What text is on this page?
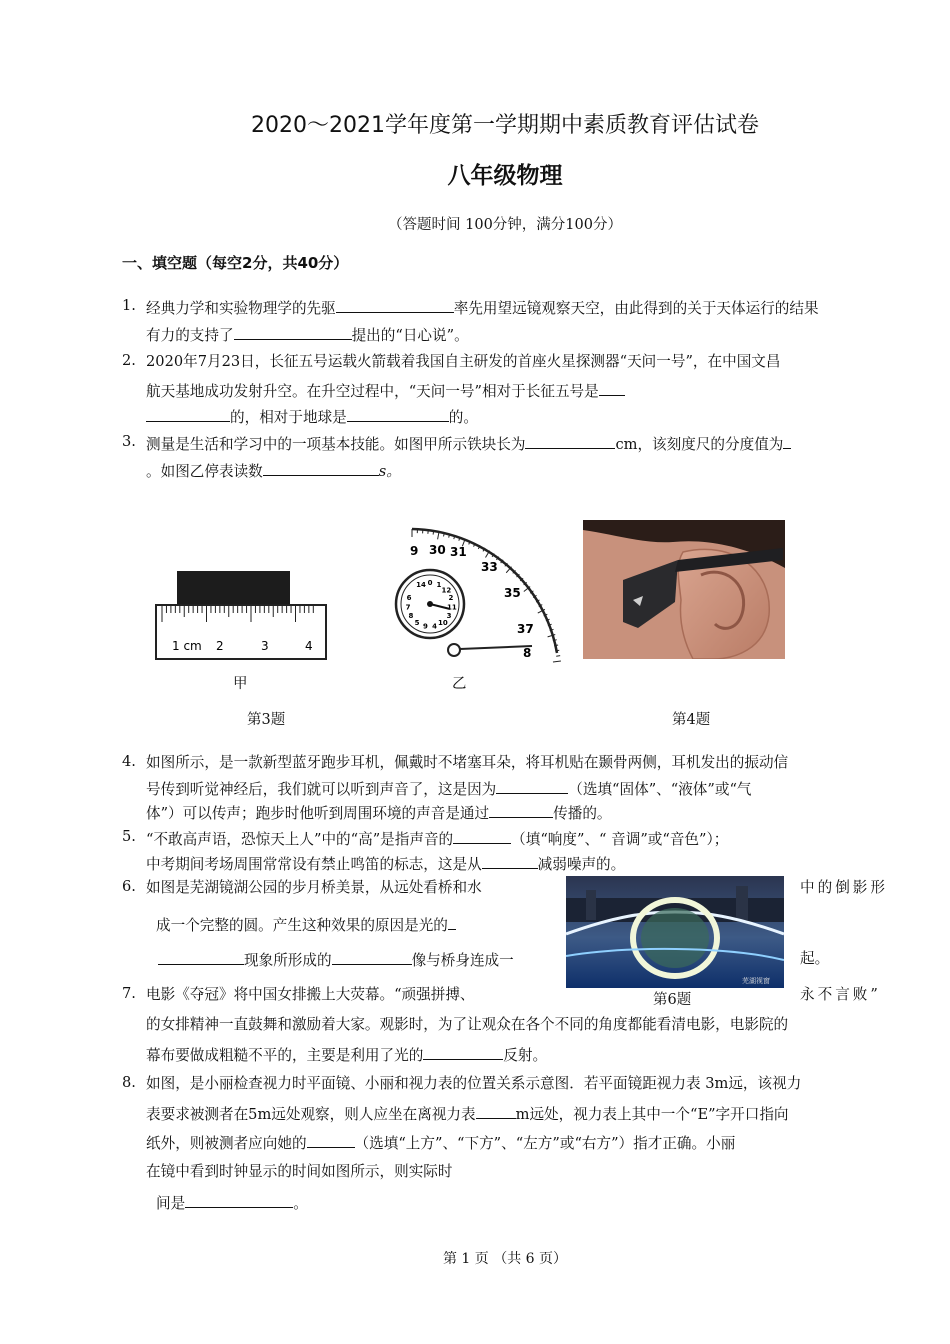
2020～2021学年度第一学期期中素质教育评估试卷
八年级物理
（答题时间 100分钟，满分100分）
一、填空题（每空2分，共40分）
1. 经典力学和实验物理学的先驱	率先用望远镜观察天空，由此得到的关于天体运行的结果
有力的支持了	提出的“日心说”。
2. 2020年7月23日，长征五号运载火箭载着我国自主研发的首座火星探测器“天问一号”，在中国文昌
航天基地成功发射升空。在升空过程中，“天问一号”相对于长征五号是
的，相对于地球是	的。
3. 测量是生活和学习中的一项基本技能。如图甲所示铁块长为	cm，该刻度尺的分度值为
。如图乙停表读数	s。
1 cm 2	3	4
甲
9 30 31
33
35
37
8
14 0 1
12
2
11
3
10
4
9
5
8
7
6
乙
第3题	第4题
4. 如图所示，是一款新型蓝牙跑步耳机，佩戴时不堵塞耳朵，将耳机贴在颞骨两侧，耳机发出的振动信
号传到听觉神经后，我们就可以听到声音了，这是因为	（选填“固体”、“液体”或“气
体”）可以传声；跑步时他听到周围环境的声音是通过	传播的。
5. “不敢高声语，恐惊天上人”中的“高”是指声音的	（填“响度”、“ 音调”或“音色”）；
中考期间考场周围常常设有禁止鸣笛的标志，这是从	减弱噪声的。
6. 如图是芜湖镜湖公园的步月桥美景，从远处看桥和水	中的倒影形
成一个完整的圆。产生这种效果的原因是光的
现象所形成的	像与桥身连成一	起。
芜湖视窗
第6题
7. 电影《夺冠》将中国女排搬上大荧幕。“顽强拼搏、	永不言败”
的女排精神一直鼓舞和激励着大家。观影时，为了让观众在各个不同的角度都能看清电影，电影院的
幕布要做成粗糙不平的，主要是利用了光的	反射。
8. 如图，是小丽检查视力时平面镜、小丽和视力表的位置关系示意图．若平面镜距视力表 3m远，该视力
表要求被测者在5m远处观察，则人应坐在离视力表	m远处，视力表上其中一个“E”字开口指向
纸外，则被测者应向她的	（选填“上方”、“下方”、“左方”或“右方”）指才正确。小丽
在镜中看到时钟显示的时间如图所示，则实际时
间是	。
第 1 页 （共 6 页）
